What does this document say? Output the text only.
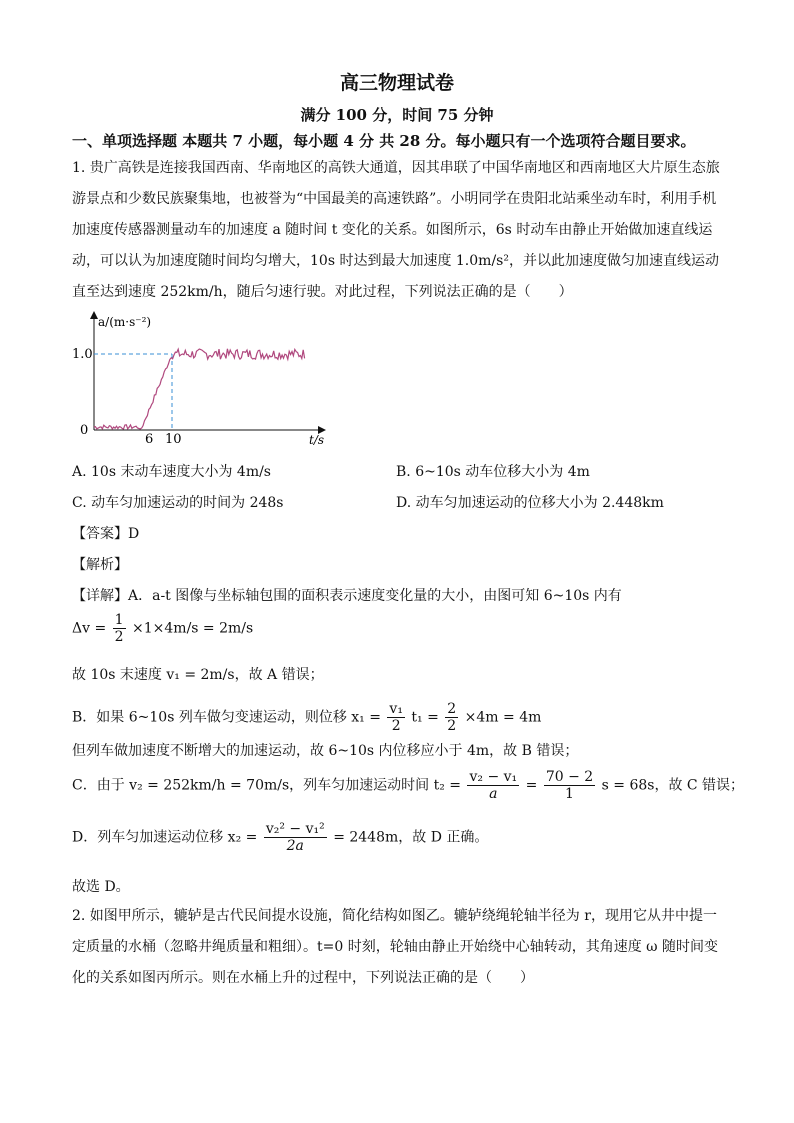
高三物理试卷
满分 100 分，时间 75 分钟
一、单项选择题 本题共 7 小题，每小题 4 分 共 28 分。每小题只有一个选项符合题目要求。

1. 贵广高铁是连接我国西南、华南地区的高铁大通道，因其串联了中国华南地区和西南地区大片原生态旅游景点和少数民族聚集地，也被誉为“中国最美的高速铁路”。小明同学在贵阳北站乘坐动车时，利用手机加速度传感器测量动车的加速度 a 随时间 t 变化的关系。如图所示，6s 时动车由静止开始做加速直线运动，可以认为加速度随时间均匀增大，10s 时达到最大加速度 1.0m/s²，并以此加速度做匀加速直线运动直至达到速度 252km/h，随后匀速行驶。对此过程，下列说法正确的是（　　）

a/(m·s⁻²)
1.0
0
6 10	t/s
A. 10s 末动车速度大小为 4m/s	B. 6~10s 动车位移大小为 4m
C. 动车匀加速运动的时间为 248s	D. 动车匀加速运动的位移大小为 2.448km
【答案】D
【解析】
【详解】A．a-t 图像与坐标轴包围的面积表示速度变化量的大小，由图可知 6~10s 内有
$\Delta v = \frac{1}{2} \times 1\times 4m/s = 2m/s$
故 10s 末速度 v₁ = 2m/s，故 A 错误；
B．如果 6~10s 列车做匀变速运动，则位移 $x_1 = \frac{\text{v₁}}{2} t_1 = \frac{2}{2} \times 4m = 4m$
但列车做加速度不断增大的加速运动，故 6~10s 内位移应小于 4m，故 B 错误；
C．由于 v₂ = 252km/h = 70m/s，列车匀加速运动时间 $t_2 = \frac{\text{v₂ − v₁}}{a} = \frac{70 - 2}{1}$ s = 68s，故 C 错误；
D．列车匀加速运动位移 $x_2 = \frac{\text{v₂² − v₁²}}{2a} = 2448m$，故 D 正确。
故选 D。

2. 如图甲所示，辘轳是古代民间提水设施，简化结构如图乙。辘轳绕绳轮轴半径为 r，现用它从井中提一定质量的水桶（忽略井绳质量和粗细）。t=0 时刻，轮轴由静止开始绕中心轴转动，其角速度 ω 随时间变化的关系如图丙所示。则在水桶上升的过程中，下列说法正确的是（　　）
